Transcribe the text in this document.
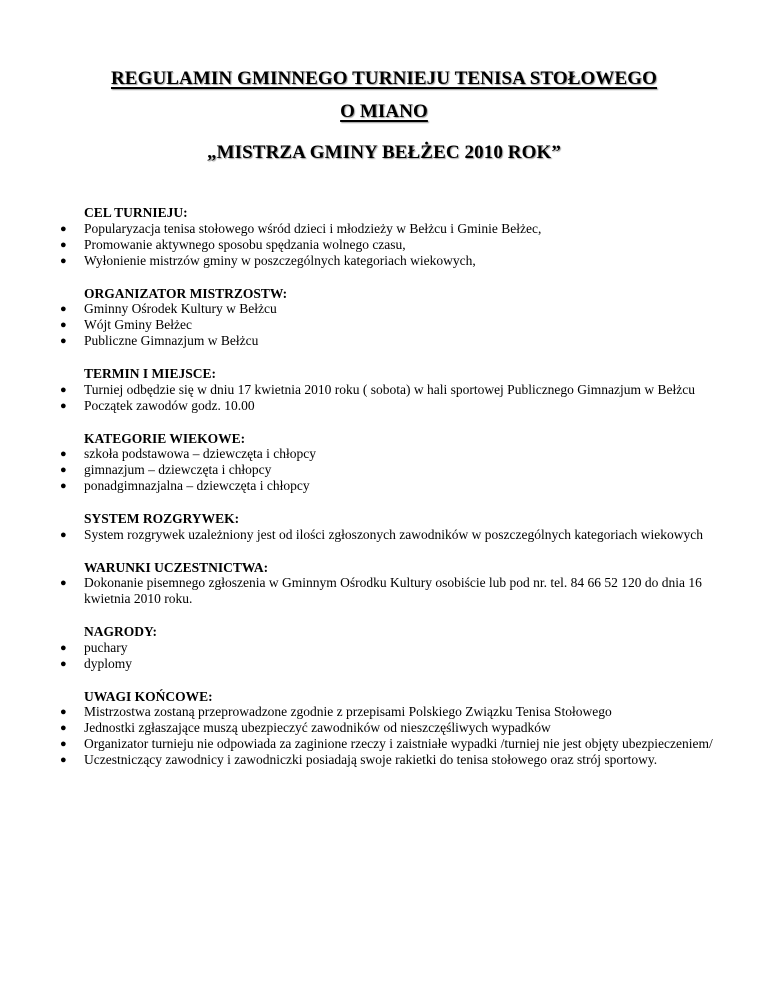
REGULAMIN GMINNEGO TURNIEJU TENISA STOŁOWEGO
O MIANO
„MISTRZA GMINY BEŁŻEC 2010 ROK”
CEL TURNIEJU:
● Popularyzacja tenisa stołowego wśród dzieci i młodzieży w Bełżcu i Gminie Bełżec,
● Promowanie aktywnego sposobu spędzania wolnego czasu,
● Wyłonienie mistrzów gminy w poszczególnych kategoriach wiekowych,
ORGANIZATOR MISTRZOSTW:
● Gminny Ośrodek Kultury w Bełżcu
● Wójt Gminy Bełżec
● Publiczne Gimnazjum w Bełżcu
TERMIN I MIEJSCE:
● Turniej odbędzie się w dniu 17 kwietnia 2010 roku ( sobota) w hali sportowej Publicznego Gimnazjum w Bełżcu
● Początek zawodów godz. 10.00
KATEGORIE WIEKOWE:
● szkoła podstawowa – dziewczęta i chłopcy
● gimnazjum – dziewczęta i chłopcy
● ponadgimnazjalna – dziewczęta i chłopcy
SYSTEM ROZGRYWEK:
● System rozgrywek uzależniony jest od ilości zgłoszonych zawodników w poszczególnych kategoriach wiekowych
WARUNKI UCZESTNICTWA:
● Dokonanie pisemnego zgłoszenia w Gminnym Ośrodku Kultury osobiście lub pod nr. tel. 84 66 52 120 do dnia 16 kwietnia 2010 roku.
NAGRODY:
● puchary
● dyplomy
UWAGI KOŃCOWE:
● Mistrzostwa zostaną przeprowadzone zgodnie z przepisami Polskiego Związku Tenisa Stołowego
● Jednostki zgłaszające muszą ubezpieczyć zawodników od nieszczęśliwych wypadków
● Organizator turnieju nie odpowiada za zaginione rzeczy i zaistniałe wypadki /turniej nie jest objęty ubezpieczeniem/
● Uczestniczący zawodnicy i zawodniczki posiadają swoje rakietki do tenisa stołowego oraz strój sportowy.
